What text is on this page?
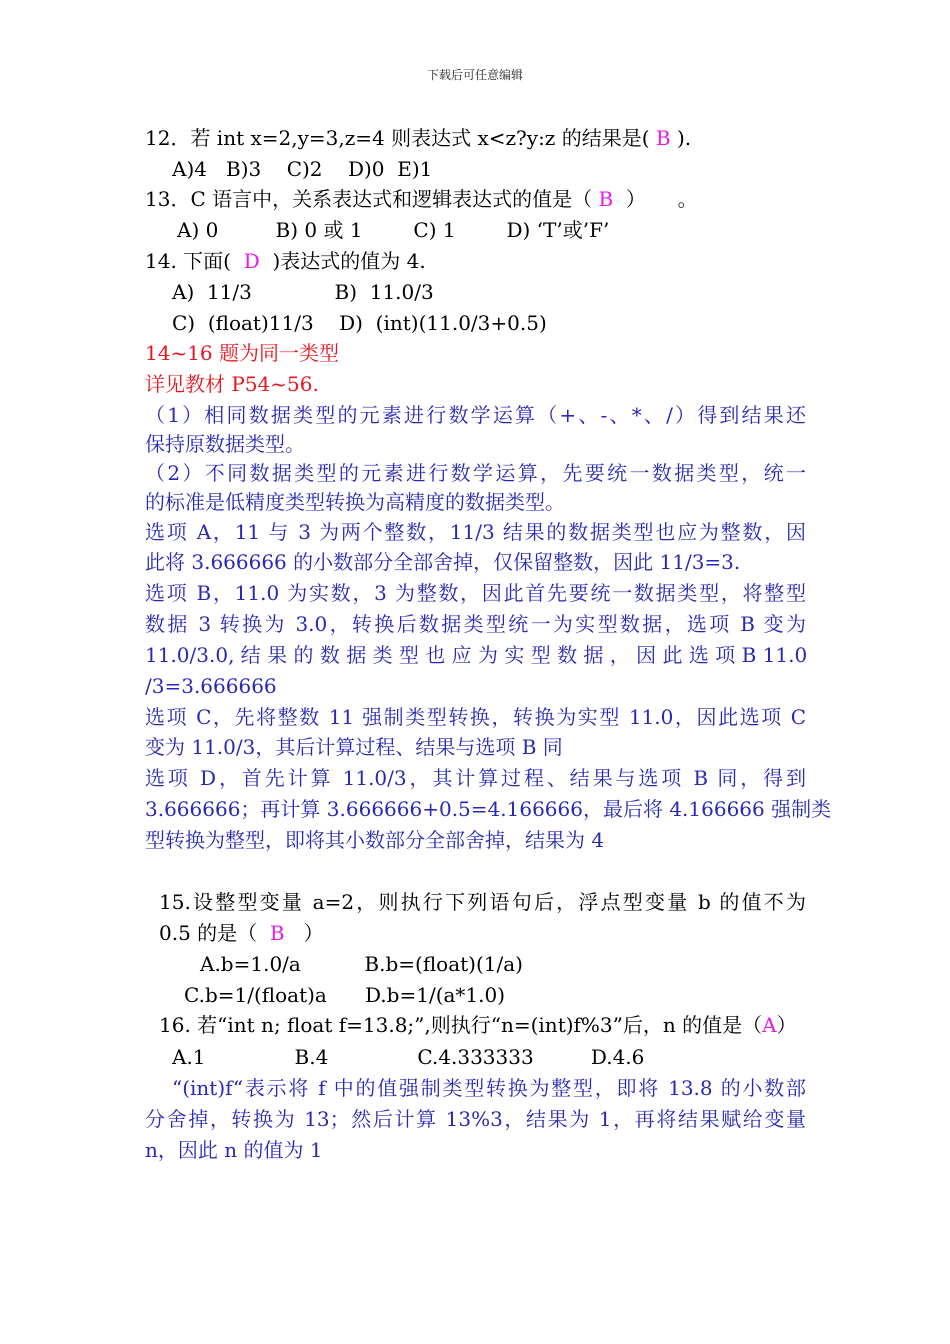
下载后可任意编辑
12．若 int x=2,y=3,z=4 则表达式 x<z?y:z 的结果是( B ).
A)4   B)3    C)2    D)0  E)1
13．C 语言中，关系表达式和逻辑表达式的值是（ B  ）     。
A) 0         B) 0 或 1        C) 1        D) ‘T’或’F’
14. 下面(  D  )表达式的值为 4.
A)  11/3             B)  11.0/3
C)  (float)11/3    D)  (int)(11.0/3+0.5)
14~16 题为同一类型
详见教材 P54~56.
（1）相同数据类型的元素进行数学运算（+、-、*、/）得到结果还
保持原数据类型。
（2）不同数据类型的元素进行数学运算，先要统一数据类型，统一
的标准是低精度类型转换为高精度的数据类型。
选项 A，11 与 3 为两个整数，11/3 结果的数据类型也应为整数，因
此将 3.666666 的小数部分全部舍掉，仅保留整数，因此 11/3=3.
选项 B，11.0 为实数，3 为整数，因此首先要统一数据类型，将整型
数据 3 转换为 3.0，转换后数据类型统一为实型数据，选项 B 变为
11.0/3.0, 结 果 的 数 据 类 型 也 应 为 实 型 数 据 ， 因 此 选 项 B 11.0
/3=3.666666
选项 C，先将整数 11 强制类型转换，转换为实型 11.0，因此选项 C
变为 11.0/3，其后计算过程、结果与选项 B 同
选项 D，首先计算 11.0/3，其计算过程、结果与选项 B 同，得到
3.666666；再计算 3.666666+0.5=4.166666，最后将 4.166666 强制类
型转换为整型，即将其小数部分全部舍掉，结果为 4
15.设整型变量 a=2，则执行下列语句后，浮点型变量 b 的值不为
0.5 的是（  B   ）
A.b=1.0/a          B.b=(float)(1/a)
C.b=1/(float)a      D.b=1/(a*1.0)
16. 若“int n; float f=13.8;”,则执行“n=(int)f%3”后，n 的值是（A）
A.1              B.4              C.4.333333         D.4.6
“(int)f“表示将 f 中的值强制类型转换为整型，即将 13.8 的小数部
分舍掉，转换为 13；然后计算 13%3，结果为 1，再将结果赋给变量
n，因此 n 的值为 1
